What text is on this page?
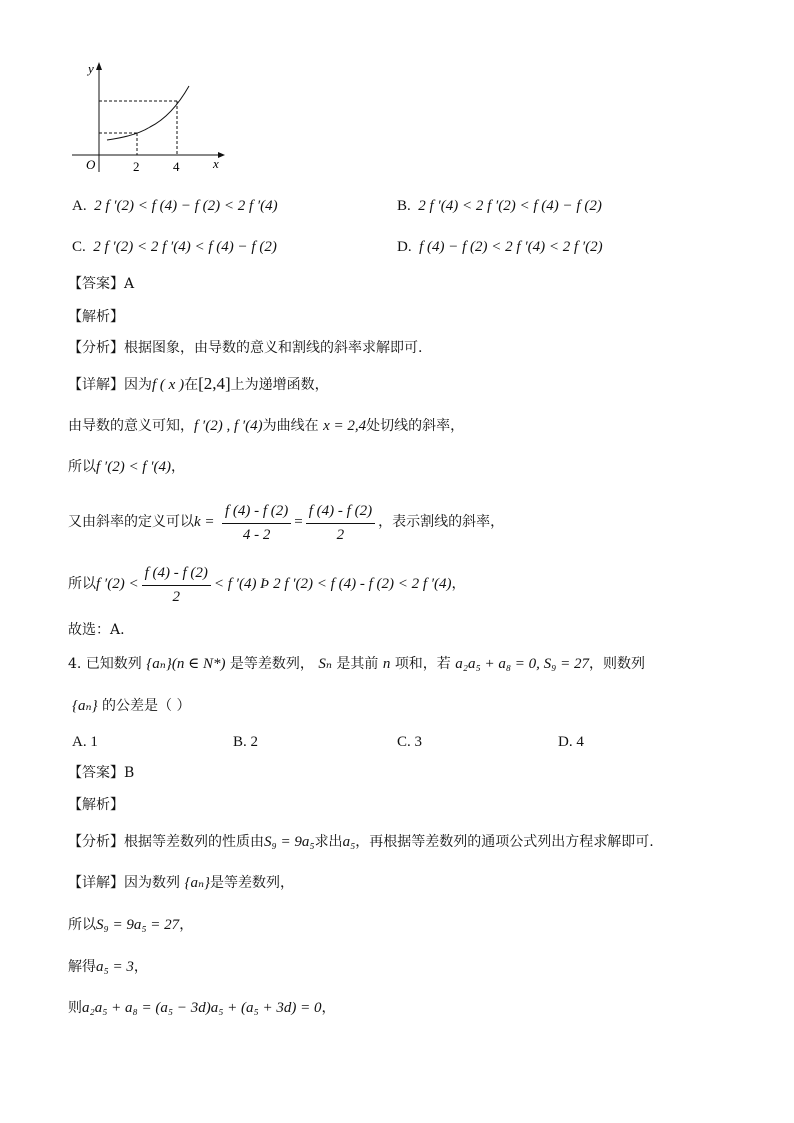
y
x
O	2	4
A. 2 f ′(2) < f (4) − f (2) < 2 f ′(4)	B. 2 f ′(4) < 2 f ′(2) < f (4) − f (2)
C. 2 f ′(2) < 2 f ′(4) < f (4) − f (2)	D. f (4) − f (2) < 2 f ′(4) < 2 f ′(2)
【答案】A
【解析】
【分析】根据图象，由导数的意义和割线的斜率求解即可.
【详解】因为f ( x )在[2,4]上为递增函数，
由导数的意义可知，f ′(2) , f ′(4)为曲线在 x = 2,4处切线的斜率，
所以f ′(2) < f ′(4)，
又由斜率的定义可以$k = \frac{f (4) - f (2)}{4 - 2} = \frac{f (4) - f (2)}{2}$ ，表示割线的斜率，
所以f $'(2) < \frac{f (4) - f (2)}{2} < f$ ′(4) Þ 2 f ′(2) < f (4) - f (2) < 2 f ′(4)，
故选：A.
4. 已知数列 {aₙ}(n ∈ N*) 是等差数列， Sₙ 是其前 n 项和，若 a₂a₅ + a₈ = 0, S₉ = 27，则数列
{aₙ} 的公差是（ ）
A. 1	B. 2	C. 3	D. 4
【答案】B
【解析】
【分析】根据等差数列的性质由S₉ = 9a₅求出a₅，再根据等差数列的通项公式列出方程求解即可.
【详解】因为数列 {aₙ}是等差数列，
所以S₉ = 9a₅ = 27，
解得a₅ = 3，
则a₂a₅ + a₈ = (a₅ − 3d)a₅ + (a₅ + 3d) = 0，
